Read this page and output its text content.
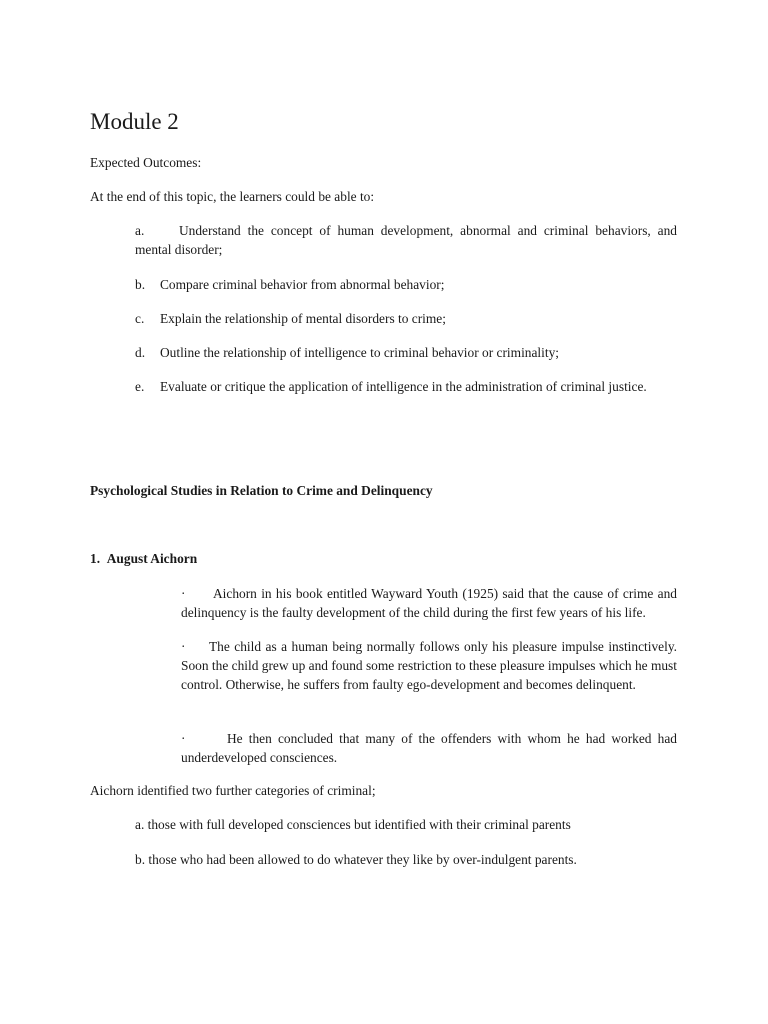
Module 2

Expected Outcomes:

At the end of this topic, the learners could be able to:

a.	Understand the concept of human development, abnormal and criminal behaviors, and mental disorder;
b. Compare criminal behavior from abnormal behavior;
c. Explain the relationship of mental disorders to crime;
d. Outline the relationship of intelligence to criminal behavior or criminality;
e. Evaluate or critique the application of intelligence in the administration of criminal justice.

Psychological Studies in Relation to Crime and Delinquency

1. August Aichorn

· Aichorn in his book entitled Wayward Youth (1925) said that the cause of crime and delinquency is the faulty development of the child during the first few years of his life.
· The child as a human being normally follows only his pleasure impulse instinctively. Soon the child grew up and found some restriction to these pleasure impulses which he must control. Otherwise, he suffers from faulty ego-development and becomes delinquent.
·	He then concluded that many of the offenders with whom he had worked had underdeveloped consciences.

Aichorn identified two further categories of criminal;

a. those with full developed consciences but identified with their criminal parents

b. those who had been allowed to do whatever they like by over-indulgent parents.
